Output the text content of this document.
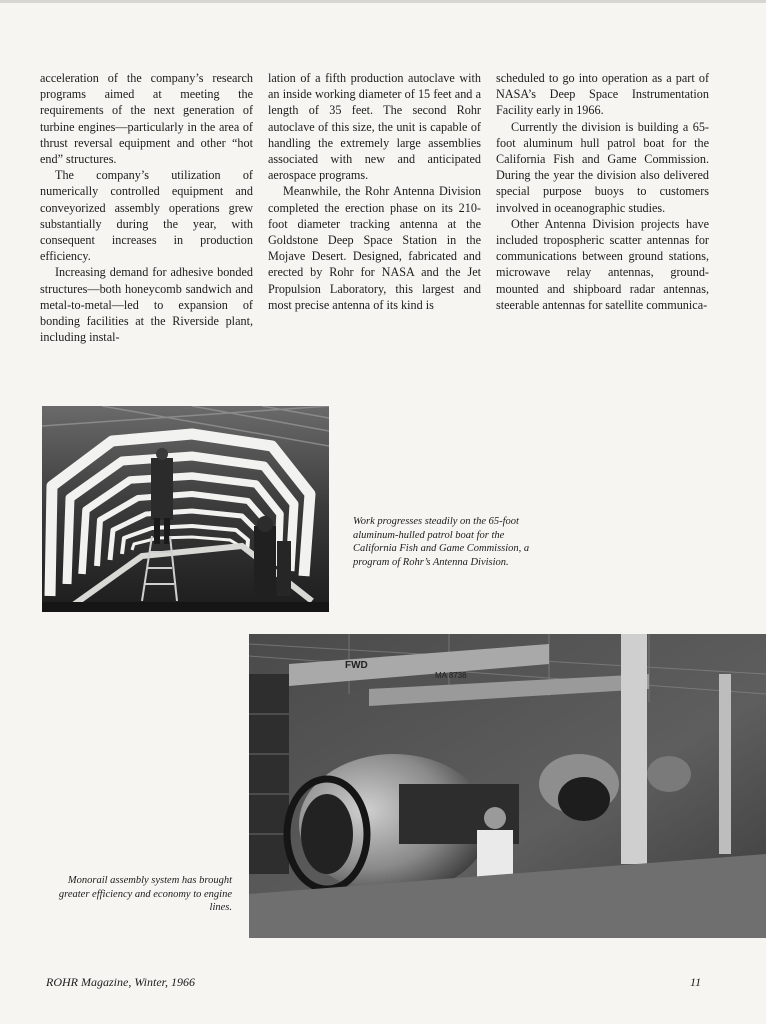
acceleration of the company’s research programs aimed at meeting the requirements of the next generation of turbine engines—particularly in the area of thrust reversal equipment and other “hot end” structures.

The company’s utilization of numerically controlled equipment and conveyorized assembly operations grew substantially during the year, with consequent increases in production efficiency.

Increasing demand for adhesive bonded structures—both honeycomb sandwich and metal-to-metal—led to expansion of bonding facilities at the Riverside plant, including instal-

lation of a fifth production autoclave with an inside working diameter of 15 feet and a length of 35 feet. The second Rohr autoclave of this size, the unit is capable of handling the extremely large assemblies associated with new and anticipated aerospace programs.

Meanwhile, the Rohr Antenna Division completed the erection phase on its 210-foot diameter tracking antenna at the Goldstone Deep Space Station in the Mojave Desert. Designed, fabricated and erected by Rohr for NASA and the Jet Propulsion Laboratory, this largest and most precise antenna of its kind is

scheduled to go into operation as a part of NASA’s Deep Space Instrumentation Facility early in 1966.

Currently the division is building a 65-foot aluminum hull patrol boat for the California Fish and Game Commission. During the year the division also delivered special purpose buoys to customers involved in oceanographic studies.

Other Antenna Division projects have included tropospheric scatter antennas for communications between ground stations, microwave relay antennas, ground-mounted and shipboard radar antennas, steerable antennas for satellite communica-

Work progresses steadily on the 65-foot aluminum-hulled patrol boat for the California Fish and Game Commission, a program of Rohr’s Antenna Division.
FWD
MA 8738
Monorail assembly system has brought greater efficiency and economy to engine lines.
ROHR Magazine, Winter, 1966	11
